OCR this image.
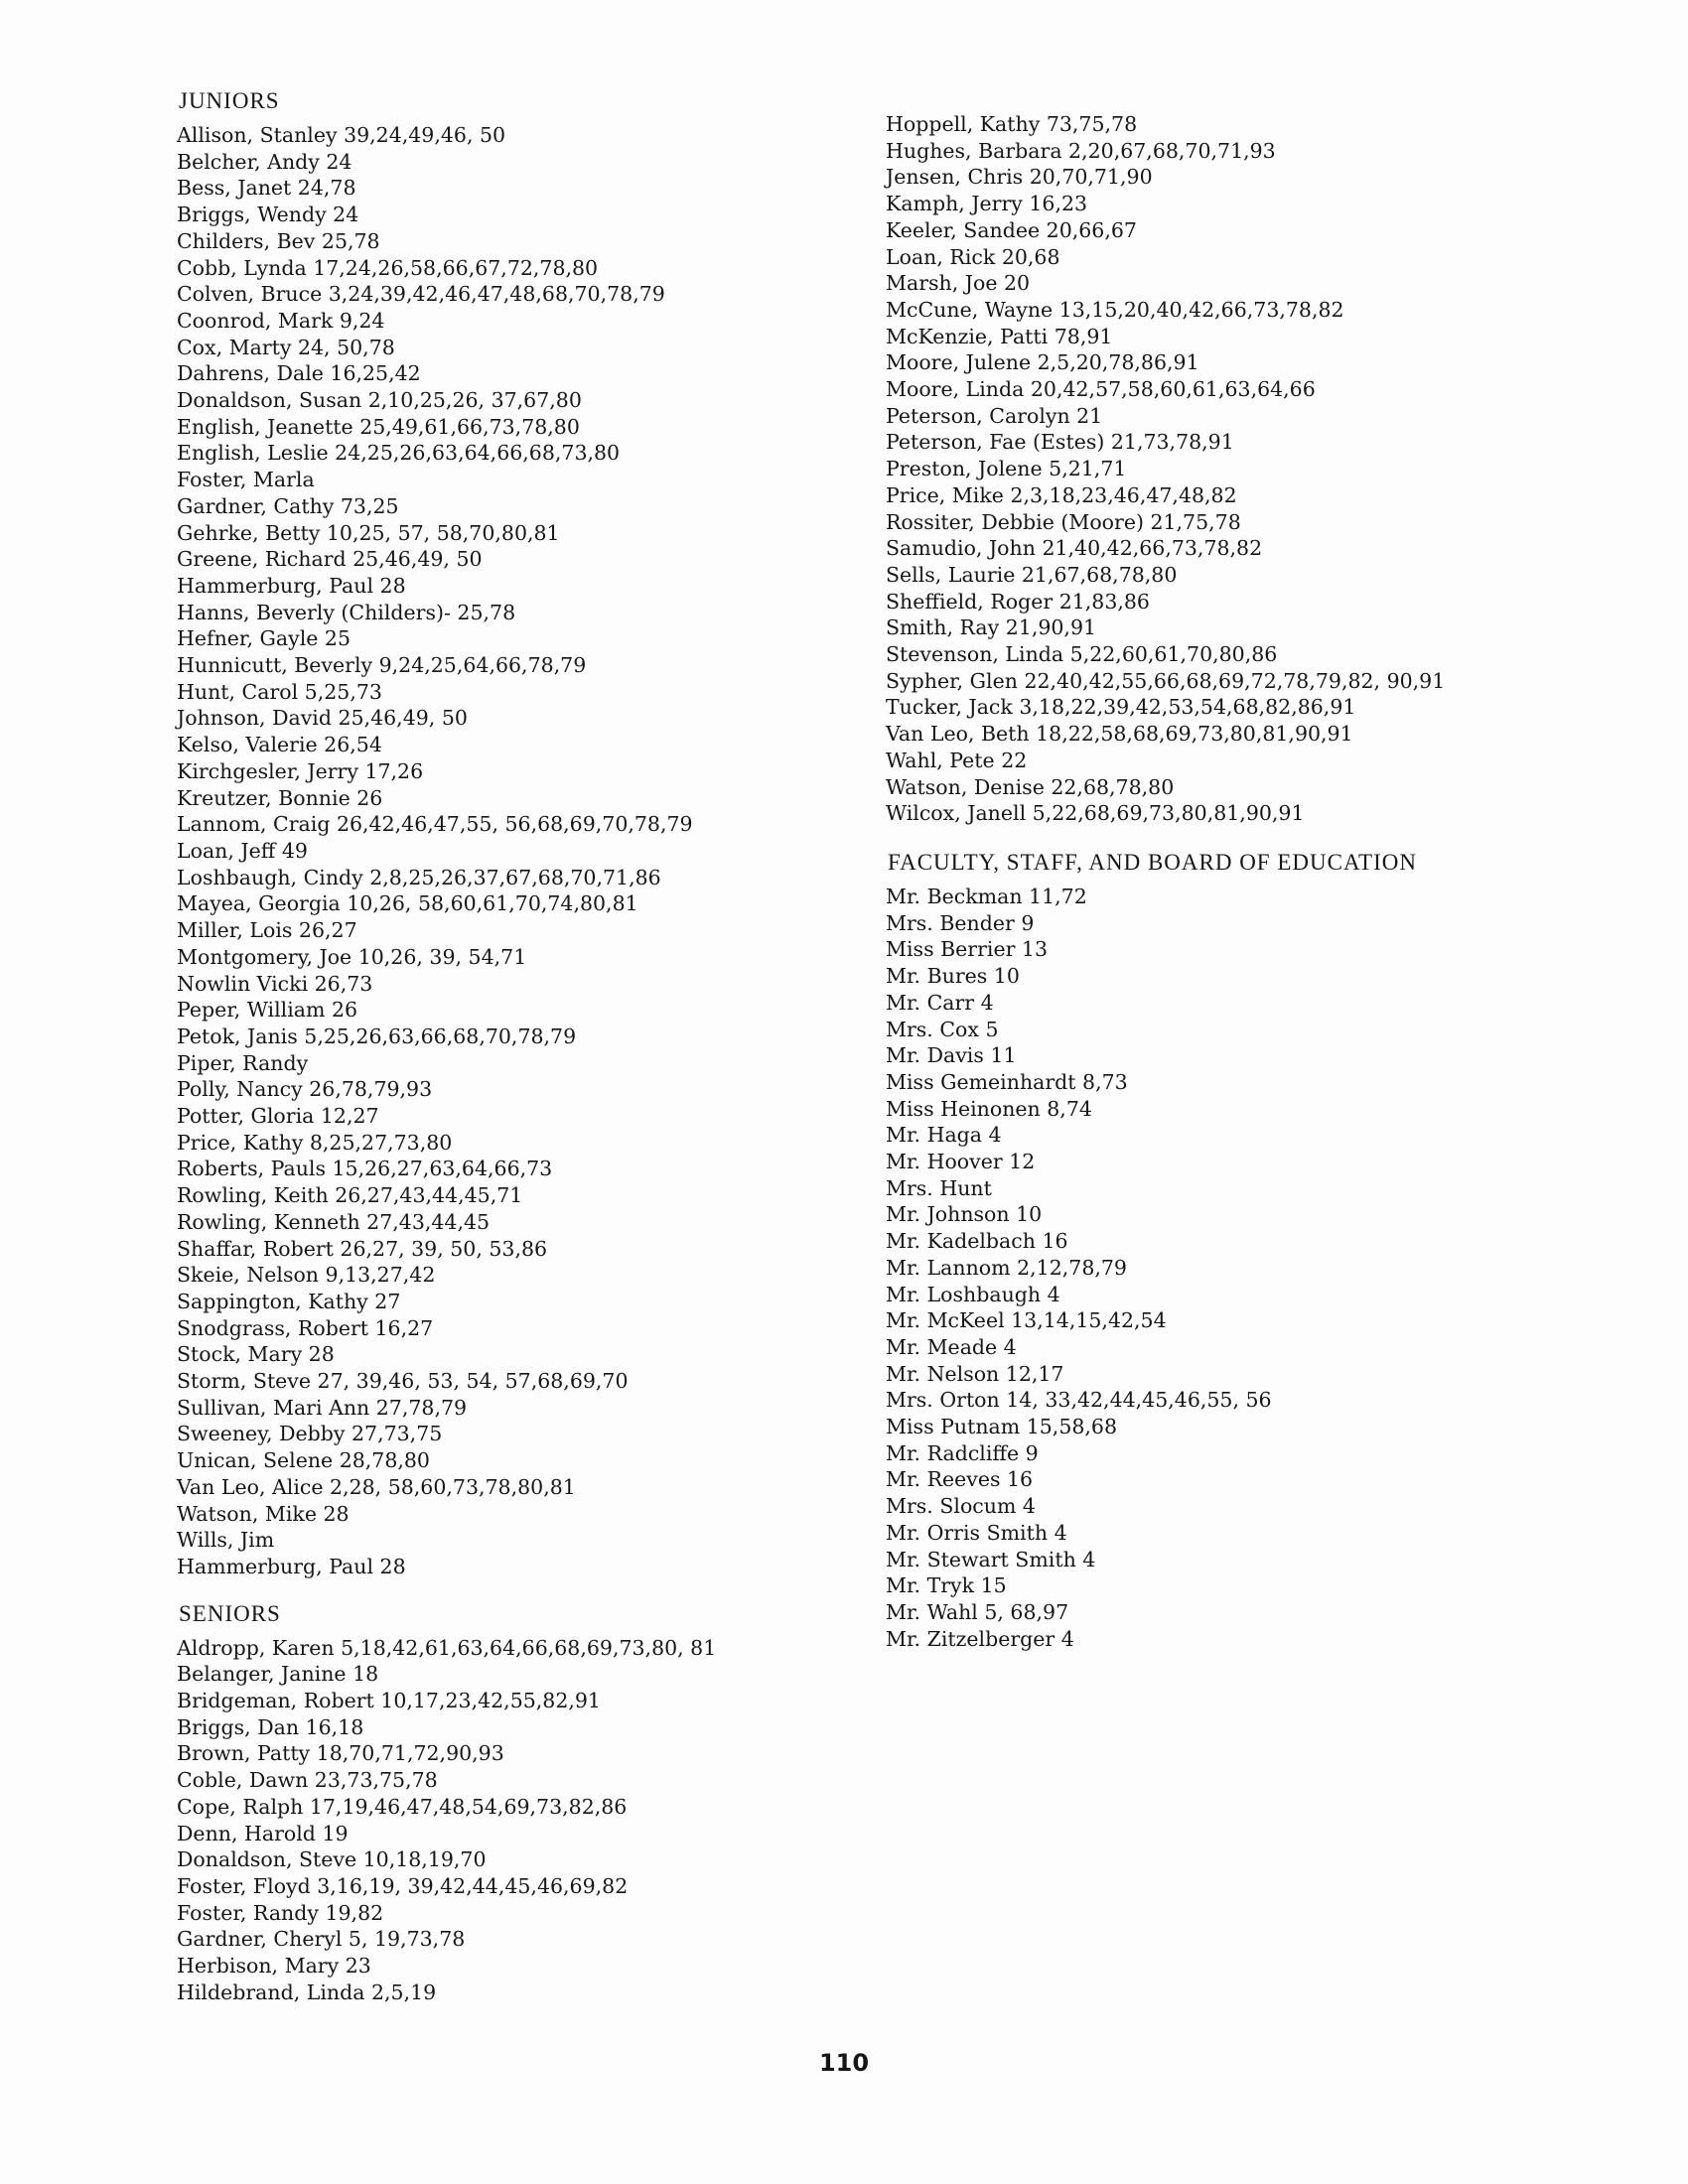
JUNIORS
Allison, Stanley 39,24,49,46, 50
Belcher, Andy 24
Bess, Janet 24,78
Briggs, Wendy 24
Childers, Bev 25,78
Cobb, Lynda 17,24,26,58,66,67,72,78,80
Colven, Bruce 3,24,39,42,46,47,48,68,70,78,79
Coonrod, Mark 9,24
Cox, Marty 24, 50,78
Dahrens, Dale 16,25,42
Donaldson, Susan 2,10,25,26, 37,67,80
English, Jeanette 25,49,61,66,73,78,80
English, Leslie 24,25,26,63,64,66,68,73,80
Foster, Marla
Gardner, Cathy 73,25
Gehrke, Betty 10,25, 57, 58,70,80,81
Greene, Richard 25,46,49, 50
Hammerburg, Paul 28
Hanns, Beverly (Childers)- 25,78
Hefner, Gayle 25
Hunnicutt, Beverly 9,24,25,64,66,78,79
Hunt, Carol 5,25,73
Johnson, David 25,46,49, 50
Kelso, Valerie 26,54
Kirchgesler, Jerry 17,26
Kreutzer, Bonnie 26
Lannom, Craig 26,42,46,47,55, 56,68,69,70,78,79
Loan, Jeff 49
Loshbaugh, Cindy 2,8,25,26,37,67,68,70,71,86
Mayea, Georgia 10,26, 58,60,61,70,74,80,81
Miller, Lois 26,27
Montgomery, Joe 10,26, 39, 54,71
Nowlin Vicki 26,73
Peper, William 26
Petok, Janis 5,25,26,63,66,68,70,78,79
Piper, Randy
Polly, Nancy 26,78,79,93
Potter, Gloria 12,27
Price, Kathy 8,25,27,73,80
Roberts, Pauls 15,26,27,63,64,66,73
Rowling, Keith 26,27,43,44,45,71
Rowling, Kenneth 27,43,44,45
Shaffar, Robert 26,27, 39, 50, 53,86
Skeie, Nelson 9,13,27,42
Sappington, Kathy 27
Snodgrass, Robert 16,27
Stock, Mary 28
Storm, Steve 27, 39,46, 53, 54, 57,68,69,70
Sullivan, Mari Ann 27,78,79
Sweeney, Debby 27,73,75
Unican, Selene 28,78,80
Van Leo, Alice 2,28, 58,60,73,78,80,81
Watson, Mike 28
Wills, Jim
Hammerburg, Paul 28
SENIORS
Aldropp, Karen 5,18,42,61,63,64,66,68,69,73,80, 81
Belanger, Janine 18
Bridgeman, Robert 10,17,23,42,55,82,91
Briggs, Dan 16,18
Brown, Patty 18,70,71,72,90,93
Coble, Dawn 23,73,75,78
Cope, Ralph 17,19,46,47,48,54,69,73,82,86
Denn, Harold 19
Donaldson, Steve 10,18,19,70
Foster, Floyd 3,16,19, 39,42,44,45,46,69,82
Foster, Randy 19,82
Gardner, Cheryl 5, 19,73,78
Herbison, Mary 23
Hildebrand, Linda 2,5,19
Hoppell, Kathy 73,75,78
Hughes, Barbara 2,20,67,68,70,71,93
Jensen, Chris 20,70,71,90
Kamph, Jerry 16,23
Keeler, Sandee 20,66,67
Loan, Rick 20,68
Marsh, Joe 20
McCune, Wayne 13,15,20,40,42,66,73,78,82
McKenzie, Patti 78,91
Moore, Julene 2,5,20,78,86,91
Moore, Linda 20,42,57,58,60,61,63,64,66
Peterson, Carolyn 21
Peterson, Fae (Estes) 21,73,78,91
Preston, Jolene 5,21,71
Price, Mike 2,3,18,23,46,47,48,82
Rossiter, Debbie (Moore) 21,75,78
Samudio, John 21,40,42,66,73,78,82
Sells, Laurie 21,67,68,78,80
Sheffield, Roger 21,83,86
Smith, Ray 21,90,91
Stevenson, Linda 5,22,60,61,70,80,86
Sypher, Glen 22,40,42,55,66,68,69,72,78,79,82, 90,91
Tucker, Jack 3,18,22,39,42,53,54,68,82,86,91
Van Leo, Beth 18,22,58,68,69,73,80,81,90,91
Wahl, Pete 22
Watson, Denise 22,68,78,80
Wilcox, Janell 5,22,68,69,73,80,81,90,91
FACULTY, STAFF, AND BOARD OF EDUCATION
Mr. Beckman 11,72
Mrs. Bender 9
Miss Berrier 13
Mr. Bures 10
Mr. Carr 4
Mrs. Cox 5
Mr. Davis 11
Miss Gemeinhardt 8,73
Miss Heinonen 8,74
Mr. Haga 4
Mr. Hoover 12
Mrs. Hunt
Mr. Johnson 10
Mr. Kadelbach 16
Mr. Lannom 2,12,78,79
Mr. Loshbaugh 4
Mr. McKeel 13,14,15,42,54
Mr. Meade 4
Mr. Nelson 12,17
Mrs. Orton 14, 33,42,44,45,46,55, 56
Miss Putnam 15,58,68
Mr. Radcliffe 9
Mr. Reeves 16
Mrs. Slocum 4
Mr. Orris Smith 4
Mr. Stewart Smith 4
Mr. Tryk 15
Mr. Wahl 5, 68,97
Mr. Zitzelberger 4
110
